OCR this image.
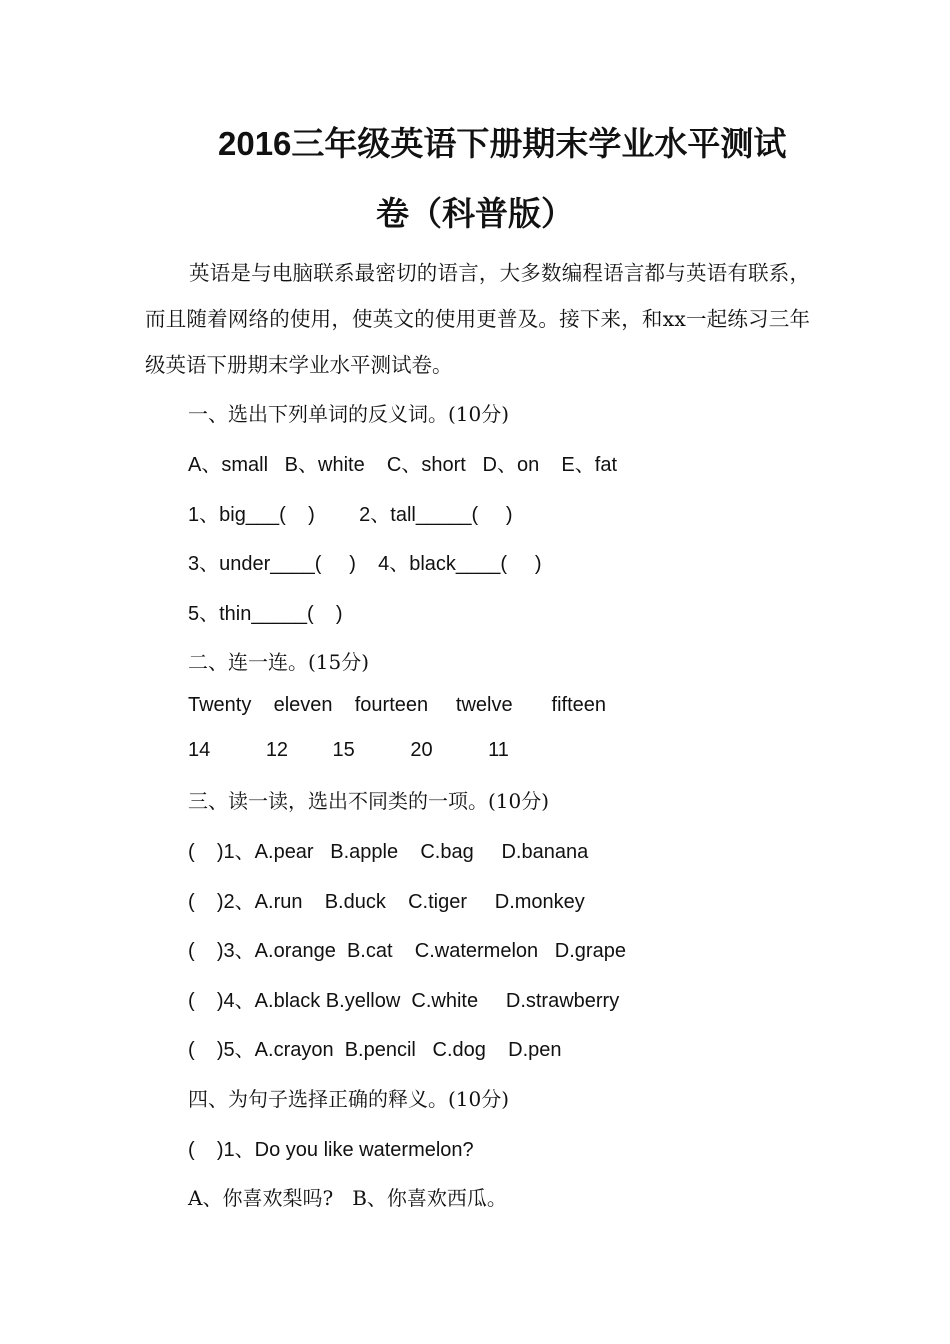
2016三年级英语下册期末学业水平测试
卷（科普版）
英语是与电脑联系最密切的语言，大多数编程语言都与英语有联系，而且随着网络的使用，使英文的使用更普及。接下来，和xx一起练习三年级英语下册期末学业水平测试卷。
一、选出下列单词的反义词。(10分)
A、small   B、white    C、short   D、on    E、fat
1、big___(    )        2、tall_____(     )
3、under____(     )    4、black____(     )
5、thin_____(    )
二、连一连。(15分)
Twenty    eleven    fourteen     twelve       fifteen
14          12        15          20          11
三、读一读，选出不同类的一项。(10分)
(    )1、A.pear   B.apple    C.bag     D.banana
(    )2、A.run    B.duck    C.tiger     D.monkey
(    )3、A.orange  B.cat    C.watermelon   D.grape
(    )4、A.black B.yellow  C.white     D.strawberry
(    )5、A.crayon  B.pencil   C.dog    D.pen
四、为句子选择正确的释义。(10分)
(    )1、Do you like watermelon?
A、你喜欢梨吗?   B、你喜欢西瓜。
